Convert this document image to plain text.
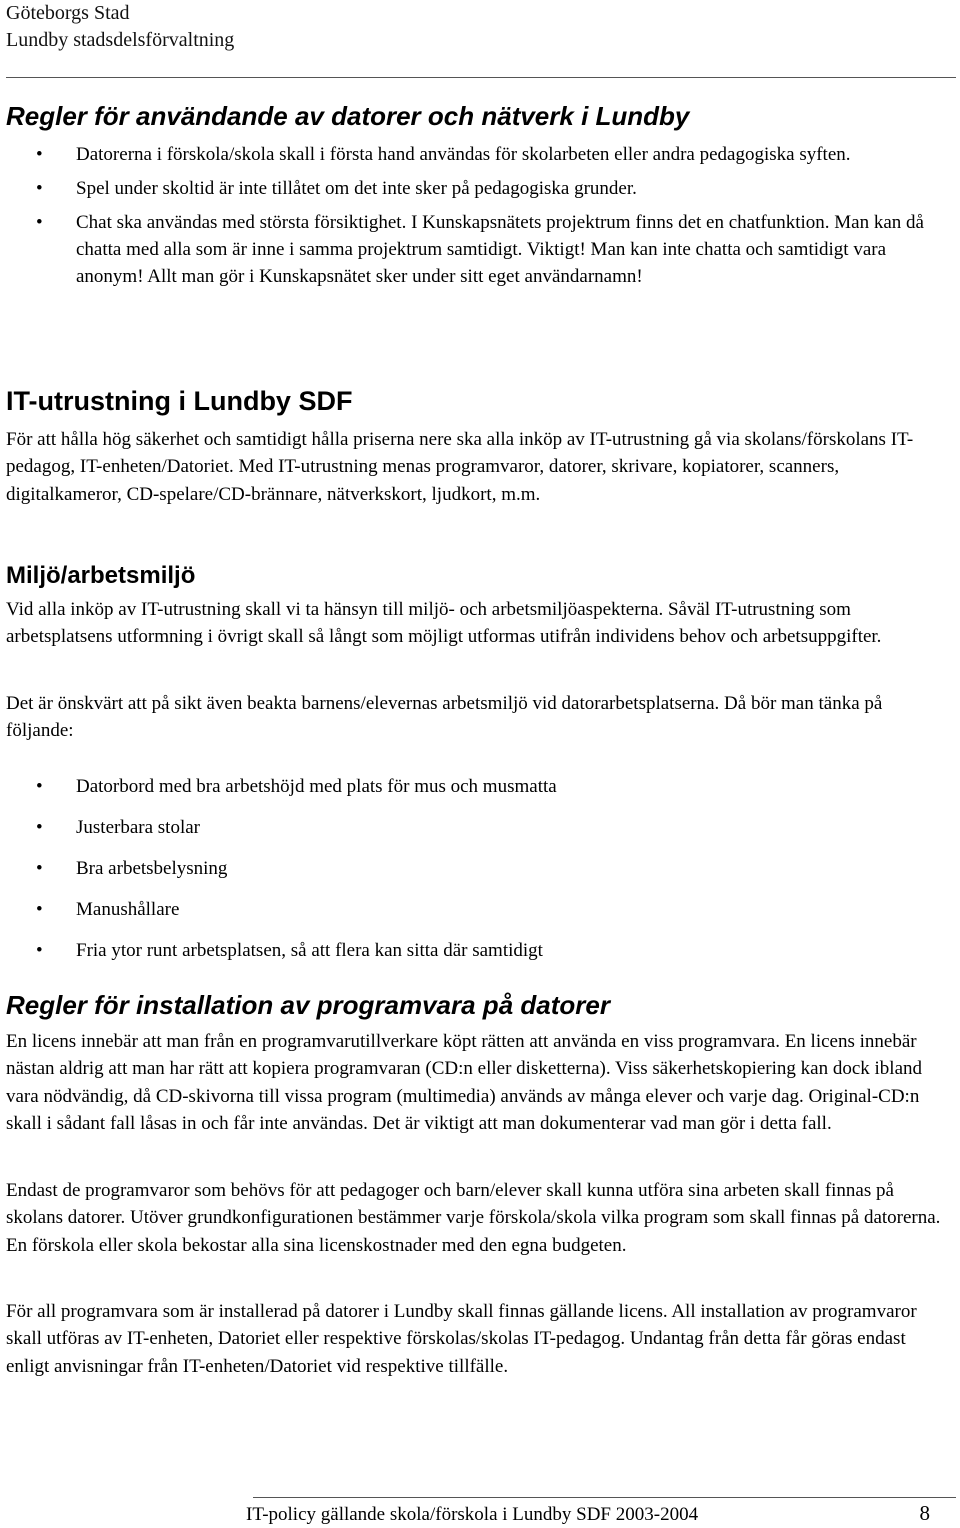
Göteborgs Stad
Lundby stadsdelsförvaltning
Regler för användande av datorer och nätverk i Lundby
• Datorerna i förskola/skola skall i första hand användas för skolarbeten eller andra pedagogiska syften.
• Spel under skoltid är inte tillåtet om det inte sker på pedagogiska grunder.
• Chat ska användas med största försiktighet. I Kunskapsnätets projektrum finns det en chatfunktion. Man kan då chatta med alla som är inne i samma projektrum samtidigt. Viktigt! Man kan inte chatta och samtidigt vara anonym! Allt man gör i Kunskapsnätet sker under sitt eget användarnamn!
IT-utrustning i Lundby SDF

För att hålla hög säkerhet och samtidigt hålla priserna nere ska alla inköp av IT-utrustning gå via skolans/förskolans IT-pedagog, IT-enheten/Datoriet. Med IT-utrustning menas programvaror, datorer, skrivare, kopiatorer, scanners, digitalkameror, CD-spelare/CD-brännare, nätverkskort, ljudkort, m.m.

Miljö/arbetsmiljö

Vid alla inköp av IT-utrustning skall vi ta hänsyn till miljö- och arbetsmiljöaspekterna. Såväl IT-utrustning som arbetsplatsens utformning i övrigt skall så långt som möjligt utformas utifrån individens behov och arbetsuppgifter.

Det är önskvärt att på sikt även beakta barnens/elevernas arbetsmiljö vid datorarbetsplatserna. Då bör man tänka på följande:

• Datorbord med bra arbetshöjd med plats för mus och musmatta
• Justerbara stolar
• Bra arbetsbelysning
• Manushållare
• Fria ytor runt arbetsplatsen, så att flera kan sitta där samtidigt
Regler för installation av programvara på datorer

En licens innebär att man från en programvarutillverkare köpt rätten att använda en viss programvara. En licens innebär nästan aldrig att man har rätt att kopiera programvaran (CD:n eller disketterna). Viss säkerhetskopiering kan dock ibland vara nödvändig, då CD-skivorna till vissa program (multimedia) används av många elever och varje dag. Original-CD:n skall i sådant fall låsas in och får inte användas. Det är viktigt att man dokumenterar vad man gör i detta fall.

Endast de programvaror som behövs för att pedagoger och barn/elever skall kunna utföra sina arbeten skall finnas på skolans datorer. Utöver grundkonfigurationen bestämmer varje förskola/skola vilka program som skall finnas på datorerna. En förskola eller skola bekostar alla sina licenskostnader med den egna budgeten.

För all programvara som är installerad på datorer i Lundby skall finnas gällande licens. All installation av programvaror skall utföras av IT-enheten, Datoriet eller respektive förskolas/skolas IT-pedagog. Undantag från detta får göras endast enligt anvisningar från IT-enheten/Datoriet vid respektive tillfälle.

IT-policy gällande skola/förskola i Lundby SDF 2003-2004	8
